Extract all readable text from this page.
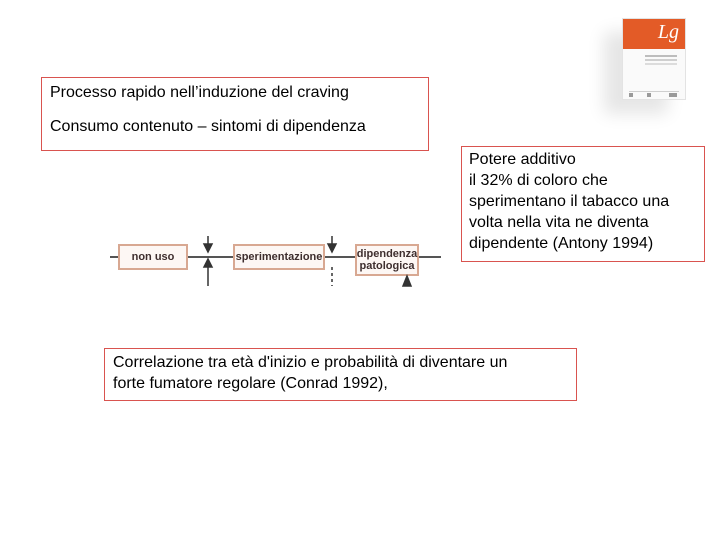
Lg
Processo rapido nell’induzione del craving
Consumo contenuto – sintomi di dipendenza
Potere additivo
il 32% di coloro che
sperimentano il tabacco una
volta nella vita ne diventa
dipendente (Antony 1994)
non uso	sperimentazione	dipendenza
patologica
Correlazione tra età d'inizio e probabilità di diventare un
forte fumatore regolare (Conrad 1992),
